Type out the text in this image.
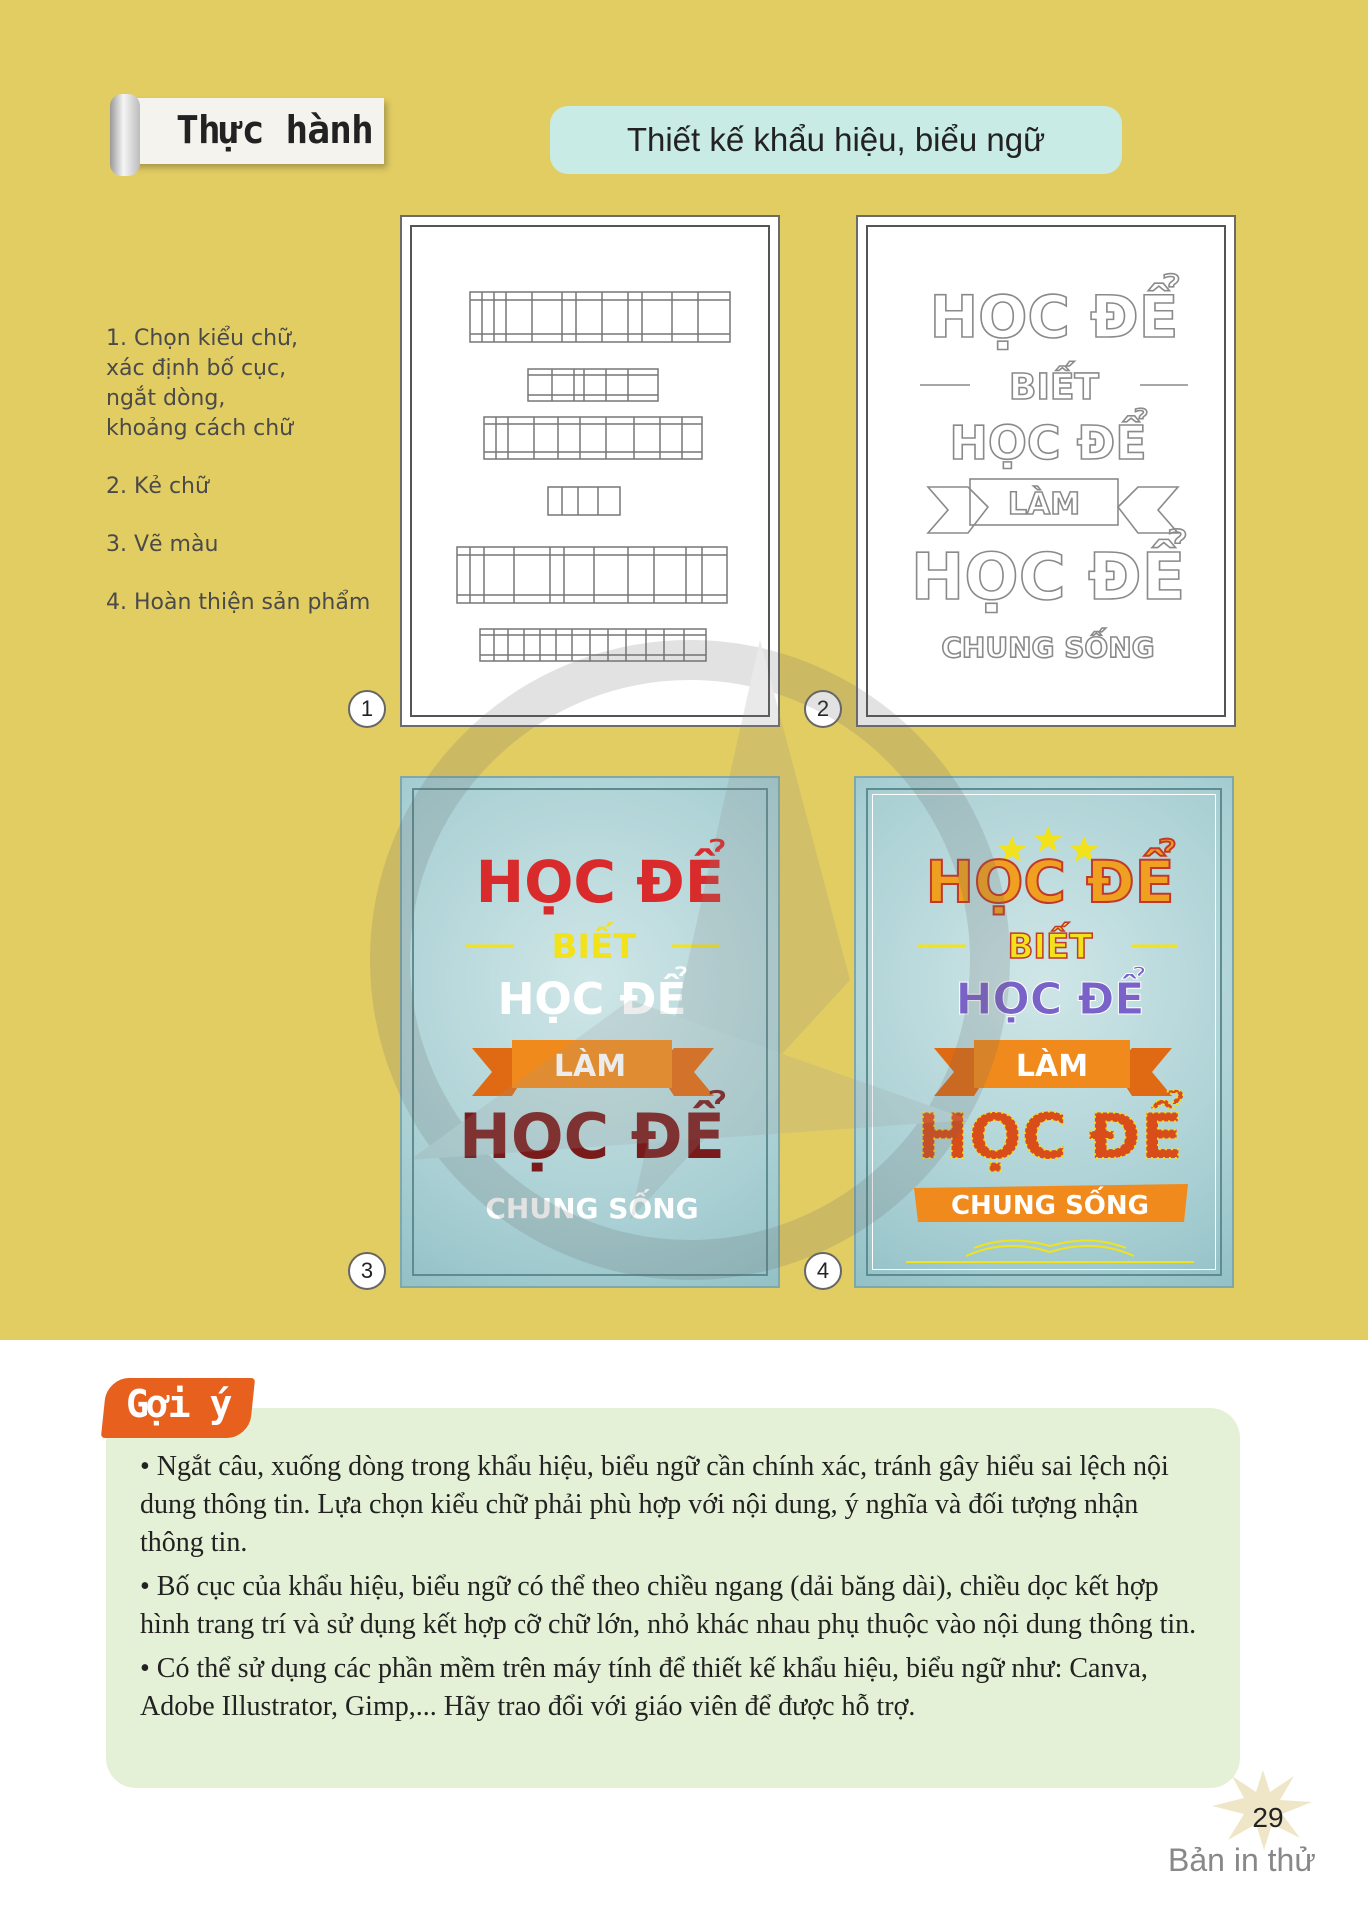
Thực hành	Thiết kế khẩu hiệu, biểu ngữ
1. Chọn kiểu chữ,
xác định bố cục,
ngắt dòng,
khoảng cách chữ
2. Kẻ chữ
3. Vẽ màu
4. Hoàn thiện sản phẩm
1
HỌC ĐỂ
BIẾT
HỌC ĐỂ
LÀM
HỌC ĐỂ
CHUNG SỐNG
2
HỌC ĐỂ
BIẾT
HỌC ĐỂ
LÀM
HỌC ĐỂ
CHUNG SỐNG
3
HỌC ĐỂ
BIẾT
HỌC ĐỂ
LÀM
HỌC ĐỂ
CHUNG SỐNG
4
Gợi ý

• Ngắt câu, xuống dòng trong khẩu hiệu, biểu ngữ cần chính xác, tránh gây hiểu sai lệch nội dung thông tin. Lựa chọn kiểu chữ phải phù hợp với nội dung, ý nghĩa và đối tượng nhận thông tin.

• Bố cục của khẩu hiệu, biểu ngữ có thể theo chiều ngang (dải băng dài), chiều dọc kết hợp hình trang trí và sử dụng kết hợp cỡ chữ lớn, nhỏ khác nhau phụ thuộc vào nội dung thông tin.

• Có thể sử dụng các phần mềm trên máy tính để thiết kế khẩu hiệu, biểu ngữ như: Canva, Adobe Illustrator, Gimp,... Hãy trao đổi với giáo viên để được hỗ trợ.

29
Bản in thử
